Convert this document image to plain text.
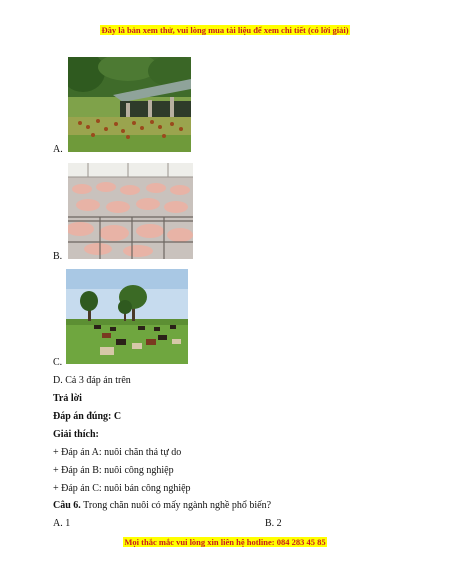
Đây là bản xem thử, vui lòng mua tài liệu để xem chi tiết (có lời giải)
A.
B.
C.
D. Cả 3 đáp án trên
Trả lời
Đáp án đúng: C
Giải thích:
+ Đáp án A: nuôi chăn thả tự do
+ Đáp án B: nuôi công nghiệp
+ Đáp án C: nuôi bán công nghiệp
Câu 6. Trong chăn nuôi có mấy ngành nghề phổ biến?
A. 1	B. 2
Mọi thắc mắc vui lòng xin liên hệ hotline: 084 283 45 85
